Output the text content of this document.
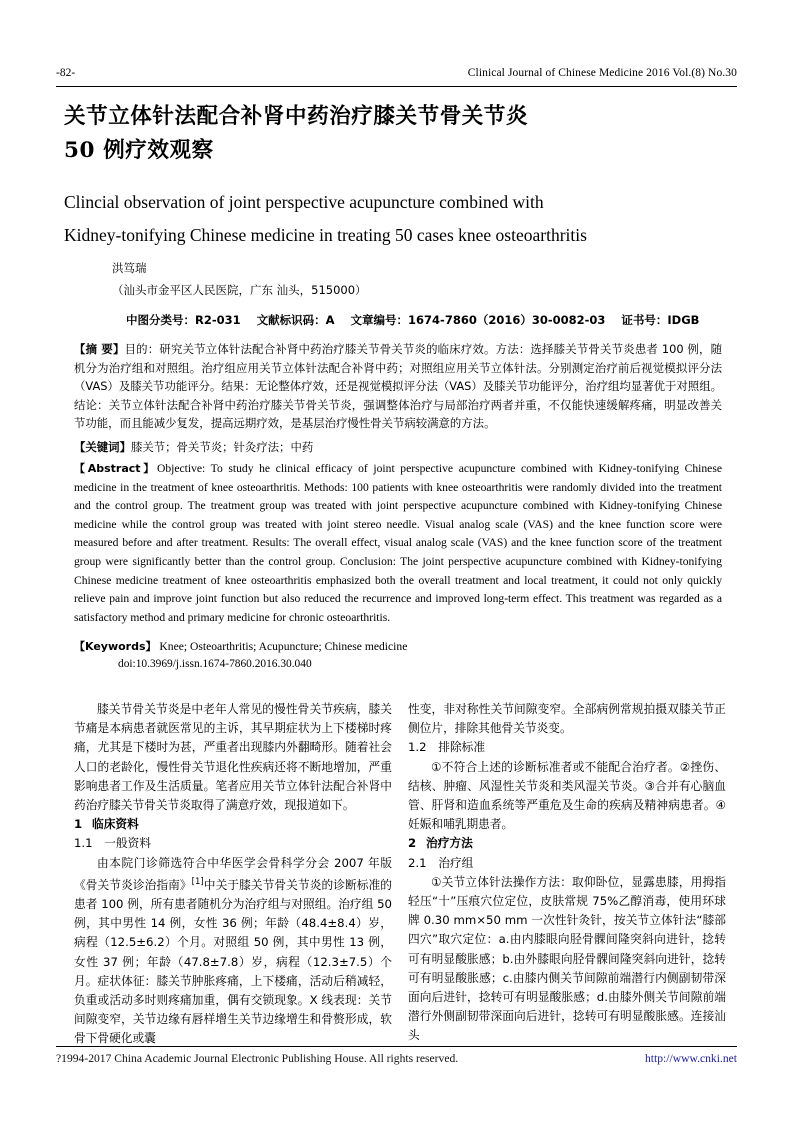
-82-	Clinical Journal of Chinese Medicine 2016 Vol.(8) No.30
关节立体针法配合补肾中药治疗膝关节骨关节炎
50 例疗效观察
Clincial observation of joint perspective acupuncture combined with
Kidney-tonifying Chinese medicine in treating 50 cases knee osteoarthritis
洪笃瑞
（汕头市金平区人民医院，广东 汕头，515000）
中图分类号：R2-031 文献标识码：A 文章编号：1674-7860（2016）30-0082-03 证书号：IDGB
【摘 要】目的：研究关节立体针法配合补肾中药治疗膝关节骨关节炎的临床疗效。方法：选择膝关节骨关节炎患者 100 例，随机分为治疗组和对照组。治疗组应用关节立体针法配合补肾中药；对照组应用关节立体针法。分别测定治疗前后视觉模拟评分法（VAS）及膝关节功能评分。结果：无论整体疗效，还是视觉模拟评分法（VAS）及膝关节功能评分，治疗组均显著优于对照组。结论：关节立体针法配合补肾中药治疗膝关节骨关节炎，强调整体治疗与局部治疗两者并重，不仅能快速缓解疼痛，明显改善关节功能，而且能减少复发，提高远期疗效，是基层治疗慢性骨关节病较满意的方法。
【关键词】膝关节；骨关节炎；针灸疗法；中药
【Abstract】Objective: To study he clinical efficacy of joint perspective acupuncture combined with Kidney-tonifying Chinese medicine in the treatment of knee osteoarthritis. Methods: 100 patients with knee osteoarthritis were randomly divided into the treatment and the control group. The treatment group was treated with joint perspective acupuncture combined with Kidney-tonifying Chinese medicine while the control group was treated with joint stereo needle. Visual analog scale (VAS) and the knee function score were measured before and after treatment. Results: The overall effect, visual analog scale (VAS) and the knee function score of the treatment group were significantly better than the control group. Conclusion: The joint perspective acupuncture combined with Kidney-tonifying Chinese medicine treatment of knee osteoarthritis emphasized both the overall treatment and local treatment, it could not only quickly relieve pain and improve joint function but also reduced the recurrence and improved long-term effect. This treatment was regarded as a satisfactory method and primary medicine for chronic osteoarthritis.
【Keywords】 Knee; Osteoarthritis; Acupuncture; Chinese medicine
doi:10.3969/j.issn.1674-7860.2016.30.040

膝关节骨关节炎是中老年人常见的慢性骨关节疾病，膝关节痛是本病患者就医常见的主诉，其早期症状为上下楼梯时疼痛，尤其是下楼时为甚，严重者出现膝内外翻畸形。随着社会人口的老龄化，慢性骨关节退化性疾病还将不断地增加，严重影响患者工作及生活质量。笔者应用关节立体针法配合补肾中药治疗膝关节骨关节炎取得了满意疗效，现报道如下。

1 临床资料
1.1　一般资料

由本院门诊筛选符合中华医学会骨科学分会 2007 年版《骨关节炎诊治指南》[1]中关于膝关节骨关节炎的诊断标准的患者 100 例，所有患者随机分为治疗组与对照组。治疗组 50 例，其中男性 14 例，女性 36 例；年龄（48.4±8.4）岁，病程（12.5±6.2）个月。对照组 50 例，其中男性 13 例，女性 37 例；年龄（47.8±7.8）岁，病程（12.3±7.5）个月。症状体征：膝关节肿胀疼痛，上下楼痛，活动后稍减轻，负重或活动多时则疼痛加重，偶有交锁现象。X 线表现：关节间隙变窄，关节边缘有唇样增生关节边缘增生和骨赘形成，软骨下骨硬化或囊

性变，非对称性关节间隙变窄。全部病例常规拍摄双膝关节正侧位片，排除其他骨关节炎变。

1.2　排除标准

①不符合上述的诊断标准者或不能配合治疗者。②挫伤、结核、肿瘤、风湿性关节炎和类风湿关节炎。③合并有心脑血管、肝肾和造血系统等严重危及生命的疾病及精神病患者。④妊娠和哺乳期患者。

2 治疗方法
2.1　治疗组

①关节立体针法操作方法：取仰卧位，显露患膝，用拇指轻压“十”压痕穴位定位，皮肤常规 75%乙醇消毒，使用环球牌 0.30 mm×50 mm 一次性针灸针，按关节立体针法“膝部四穴”取穴定位：a.由内膝眼向胫骨髁间隆突斜向进针，捻转可有明显酸胀感；b.由外膝眼向胫骨髁间隆突斜向进针，捻转可有明显酸胀感；c.由膝内侧关节间隙前端潜行内侧副韧带深面向后进针，捻转可有明显酸胀感；d.由膝外侧关节间隙前端潜行外侧副韧带深面向后进针，捻转可有明显酸胀感。连接汕头

?1994-2017 China Academic Journal Electronic Publishing House. All rights reserved.	http://www.cnki.net
